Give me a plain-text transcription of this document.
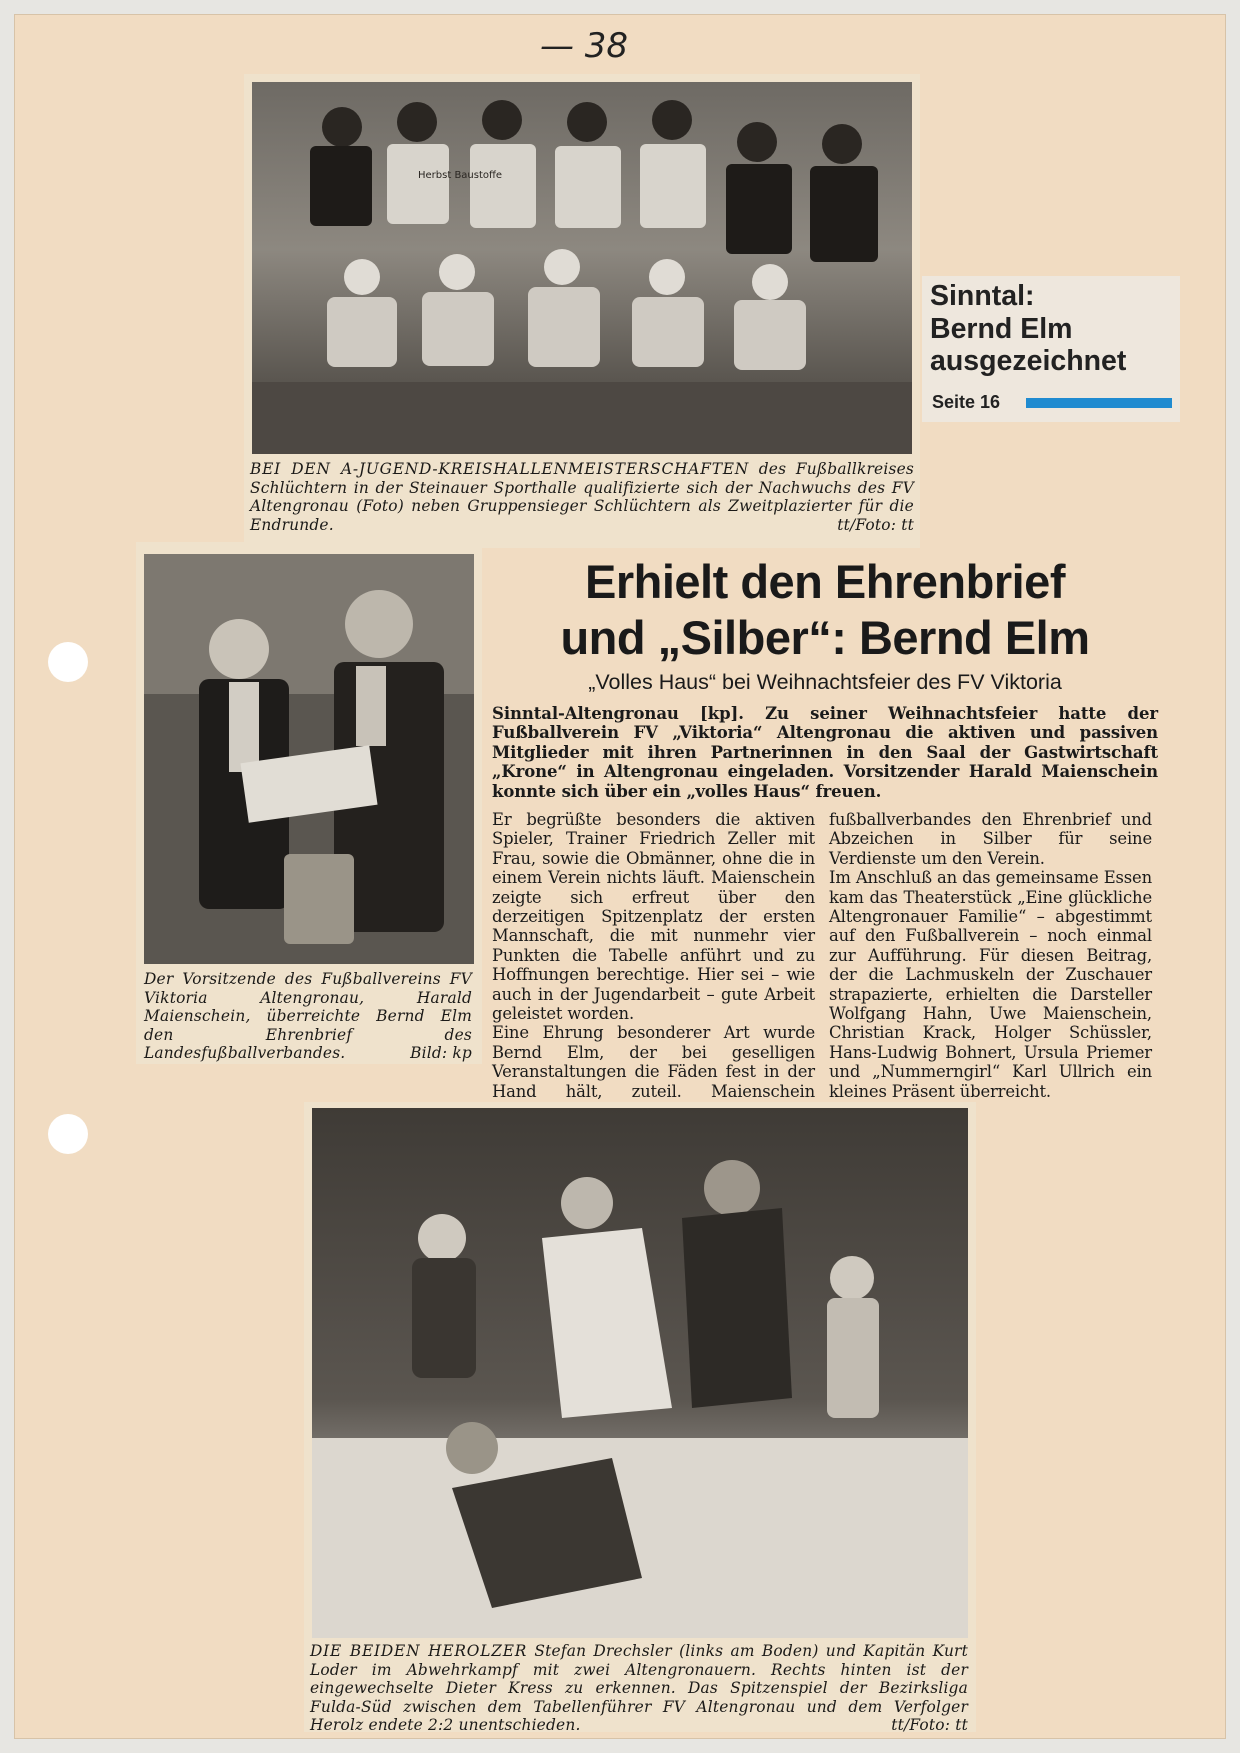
— 38
Herbst Baustoffe
BEI DEN A-JUGEND-KREISHALLENMEISTERSCHAFTEN des Fußballkreises Schlüchtern in der Steinauer Sporthalle qualifizierte sich der Nachwuchs des FV Altengronau (Foto) neben Gruppensieger Schlüchtern als Zweitplazierter für die Endrunde.	tt/Foto: tt
Sinntal:
Bernd Elm
ausgezeichnet
Seite 16
Der Vorsitzende des Fußballvereins FV Viktoria Altengronau, Harald Maienschein, überreichte Bernd Elm den Ehrenbrief des Landesfußballverbandes.	Bild: kp
Erhielt den Ehrenbrief
und „Silber“: Bernd Elm
„Volles Haus“ bei Weihnachtsfeier des FV Viktoria
Sinntal-Altengronau [kp]. Zu seiner Weihnachtsfeier hatte der Fußballverein FV „Viktoria“ Altengronau die aktiven und passiven Mitglieder mit ihren Partnerinnen in den Saal der Gastwirtschaft „Krone“ in Altengronau eingeladen. Vorsitzender Harald Maienschein konnte sich über ein „volles Haus“ freuen.
Er begrüßte besonders die aktiven Spieler, Trainer Friedrich Zeller mit Frau, sowie die Obmänner, ohne die in einem Verein nichts läuft. Maienschein zeigte sich erfreut über den derzeitigen Spitzenplatz der ersten Mannschaft, die mit nunmehr vier Punkten die Tabelle anführt und zu Hoffnungen berechtige. Hier sei – wie auch in der Jugendarbeit – gute Arbeit geleistet worden.
Eine Ehrung besonderer Art wurde Bernd Elm, der bei geselligen Veranstaltungen die Fäden fest in der Hand hält, zuteil. Maienschein
fußballverbandes den Ehrenbrief und Abzeichen in Silber für seine Verdienste um den Verein.
Im Anschluß an das gemeinsame Essen kam das Theaterstück „Eine glückliche Altengronauer Familie“ – abgestimmt auf den Fußballverein – noch einmal zur Aufführung. Für diesen Beitrag, der die Lachmuskeln der Zuschauer strapazierte, erhielten die Darsteller Wolfgang Hahn, Uwe Maienschein, Christian Krack, Holger Schüssler, Hans-Ludwig Bohnert, Ursula Priemer und „Nummerngirl“ Karl Ullrich ein kleines Präsent überreicht.
DIE BEIDEN HEROLZER Stefan Drechsler (links am Boden) und Kapitän Kurt Loder im Abwehrkampf mit zwei Altengronauern. Rechts hinten ist der eingewechselte Dieter Kress zu erkennen. Das Spitzenspiel der Bezirksliga Fulda-Süd zwischen dem Tabellenführer FV Altengronau und dem Verfolger Herolz endete 2:2 unentschieden.	tt/Foto: tt
